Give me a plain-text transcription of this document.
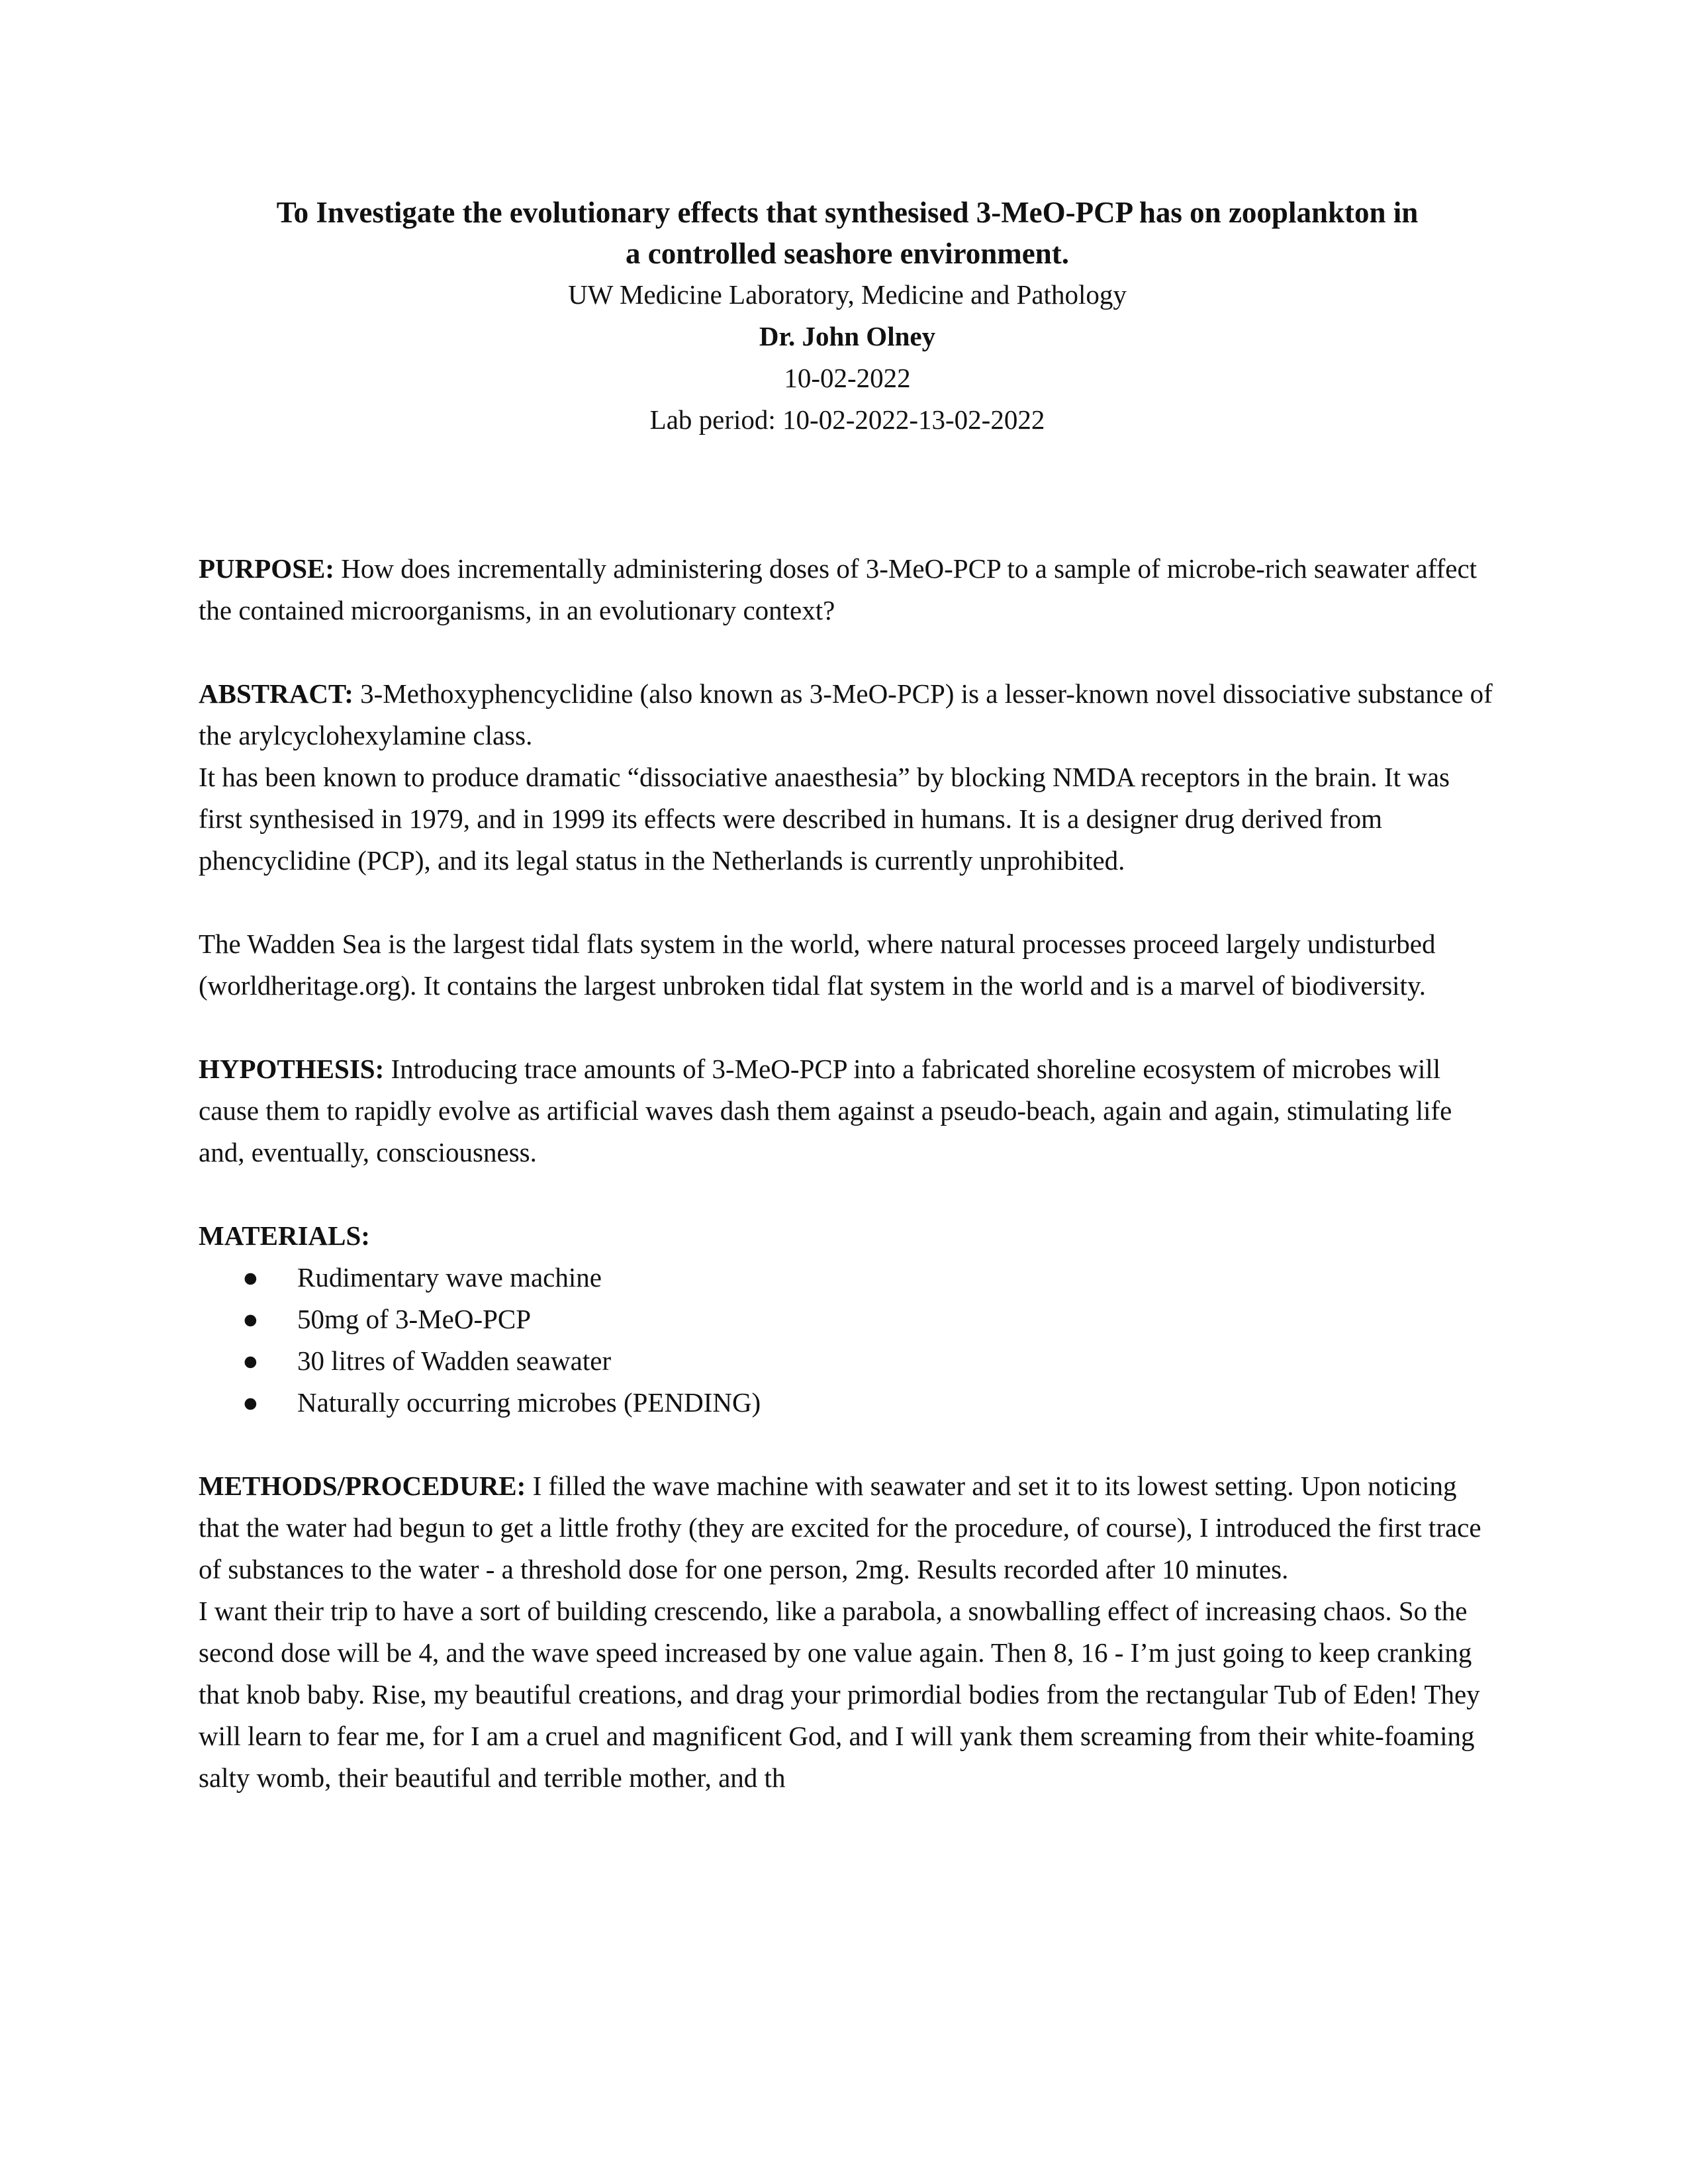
To Investigate the evolutionary effects that synthesised 3-MeO-PCP has on zooplankton in
a controlled seashore environment.

UW Medicine Laboratory, Medicine and Pathology

Dr. John Olney

10-02-2022

Lab period: 10-02-2022-13-02-2022

PURPOSE: How does incrementally administering doses of 3-MeO-PCP to a sample of microbe-rich seawater affect the contained microorganisms, in an evolutionary context?

ABSTRACT: 3-Methoxyphencyclidine (also known as 3-MeO-PCP) is a lesser-known novel dissociative substance of the arylcyclohexylamine class.

It has been known to produce dramatic “dissociative anaesthesia” by blocking NMDA receptors in the brain. It was first synthesised in 1979, and in 1999 its effects were described in humans. It is a designer drug derived from phencyclidine (PCP), and its legal status in the Netherlands is currently unprohibited.

The Wadden Sea is the largest tidal flats system in the world, where natural processes proceed largely undisturbed (worldheritage.org). It contains the largest unbroken tidal flat system in the world and is a marvel of biodiversity.

HYPOTHESIS: Introducing trace amounts of 3-MeO-PCP into a fabricated shoreline ecosystem of microbes will cause them to rapidly evolve as artificial waves dash them against a pseudo-beach, again and again, stimulating life and, eventually, consciousness.

MATERIALS:

● Rudimentary wave machine
● 50mg of 3-MeO-PCP
● 30 litres of Wadden seawater
● Naturally occurring microbes (PENDING)

METHODS/PROCEDURE: I filled the wave machine with seawater and set it to its lowest setting. Upon noticing that the water had begun to get a little frothy (they are excited for the procedure, of course), I introduced the first trace of substances to the water - a threshold dose for one person, 2mg. Results recorded after 10 minutes.

I want their trip to have a sort of building crescendo, like a parabola, a snowballing effect of increasing chaos. So the second dose will be 4, and the wave speed increased by one value again. Then 8, 16 - I’m just going to keep cranking that knob baby. Rise, my beautiful creations, and drag your primordial bodies from the rectangular Tub of Eden! They will learn to fear me, for I am a cruel and magnificent God, and I will yank them screaming from their white-foaming salty womb, their beautiful and terrible mother, and th
